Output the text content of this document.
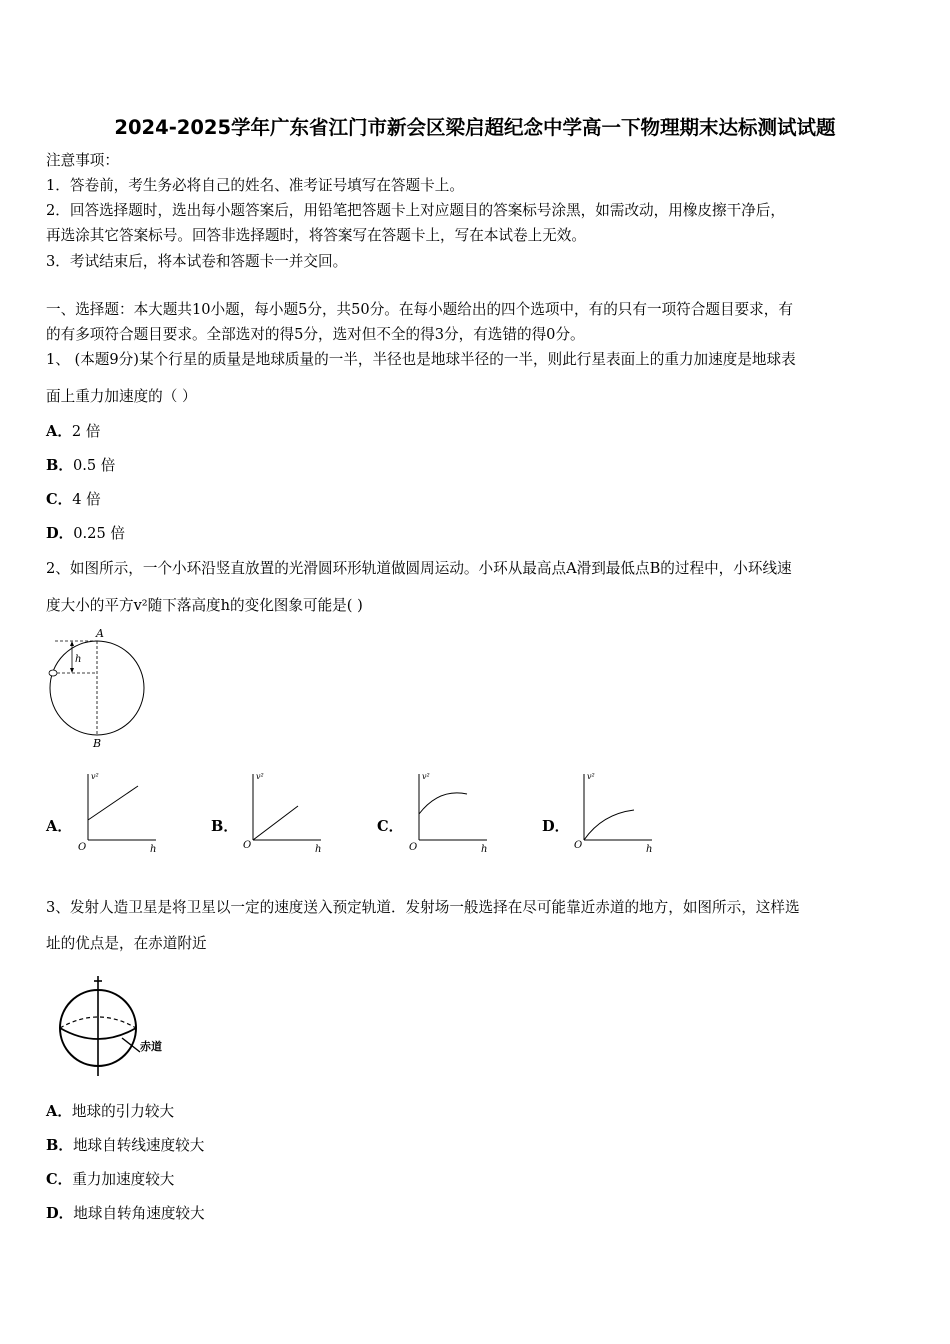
2024-2025学年广东省江门市新会区梁启超纪念中学高一下物理期末达标测试试题
注意事项：
1．答卷前，考生务必将自己的姓名、准考证号填写在答题卡上。
2．回答选择题时，选出每小题答案后，用铅笔把答题卡上对应题目的答案标号涂黑，如需改动，用橡皮擦干净后，
再选涂其它答案标号。回答非选择题时，将答案写在答题卡上，写在本试卷上无效。
3．考试结束后，将本试卷和答题卡一并交回。
一、选择题：本大题共10小题，每小题5分，共50分。在每小题给出的四个选项中，有的只有一项符合题目要求，有
的有多项符合题目要求。全部选对的得5分，选对但不全的得3分，有选错的得0分。
1、 (本题9分)某个行星的质量是地球质量的一半，半径也是地球半径的一半，则此行星表面上的重力加速度是地球表
面上重力加速度的（ ）
A．2 倍
B．0.5 倍
C．4 倍
D．0.25 倍
2、如图所示，一个小环沿竖直放置的光滑圆环形轨道做圆周运动。小环从最高点A滑到最低点B的过程中，小环线速
度大小的平方v²随下落高度h的变化图象可能是( )
A
h
B
A．
v²
O	h
B．
v²
O	h
C．
v²
O	h
D．
v²
O	h
3、发射人造卫星是将卫星以一定的速度送入预定轨道．发射场一般选择在尽可能靠近赤道的地方，如图所示，这样选
址的优点是，在赤道附近
赤道
A．地球的引力较大
B．地球自转线速度较大
C．重力加速度较大
D．地球自转角速度较大
